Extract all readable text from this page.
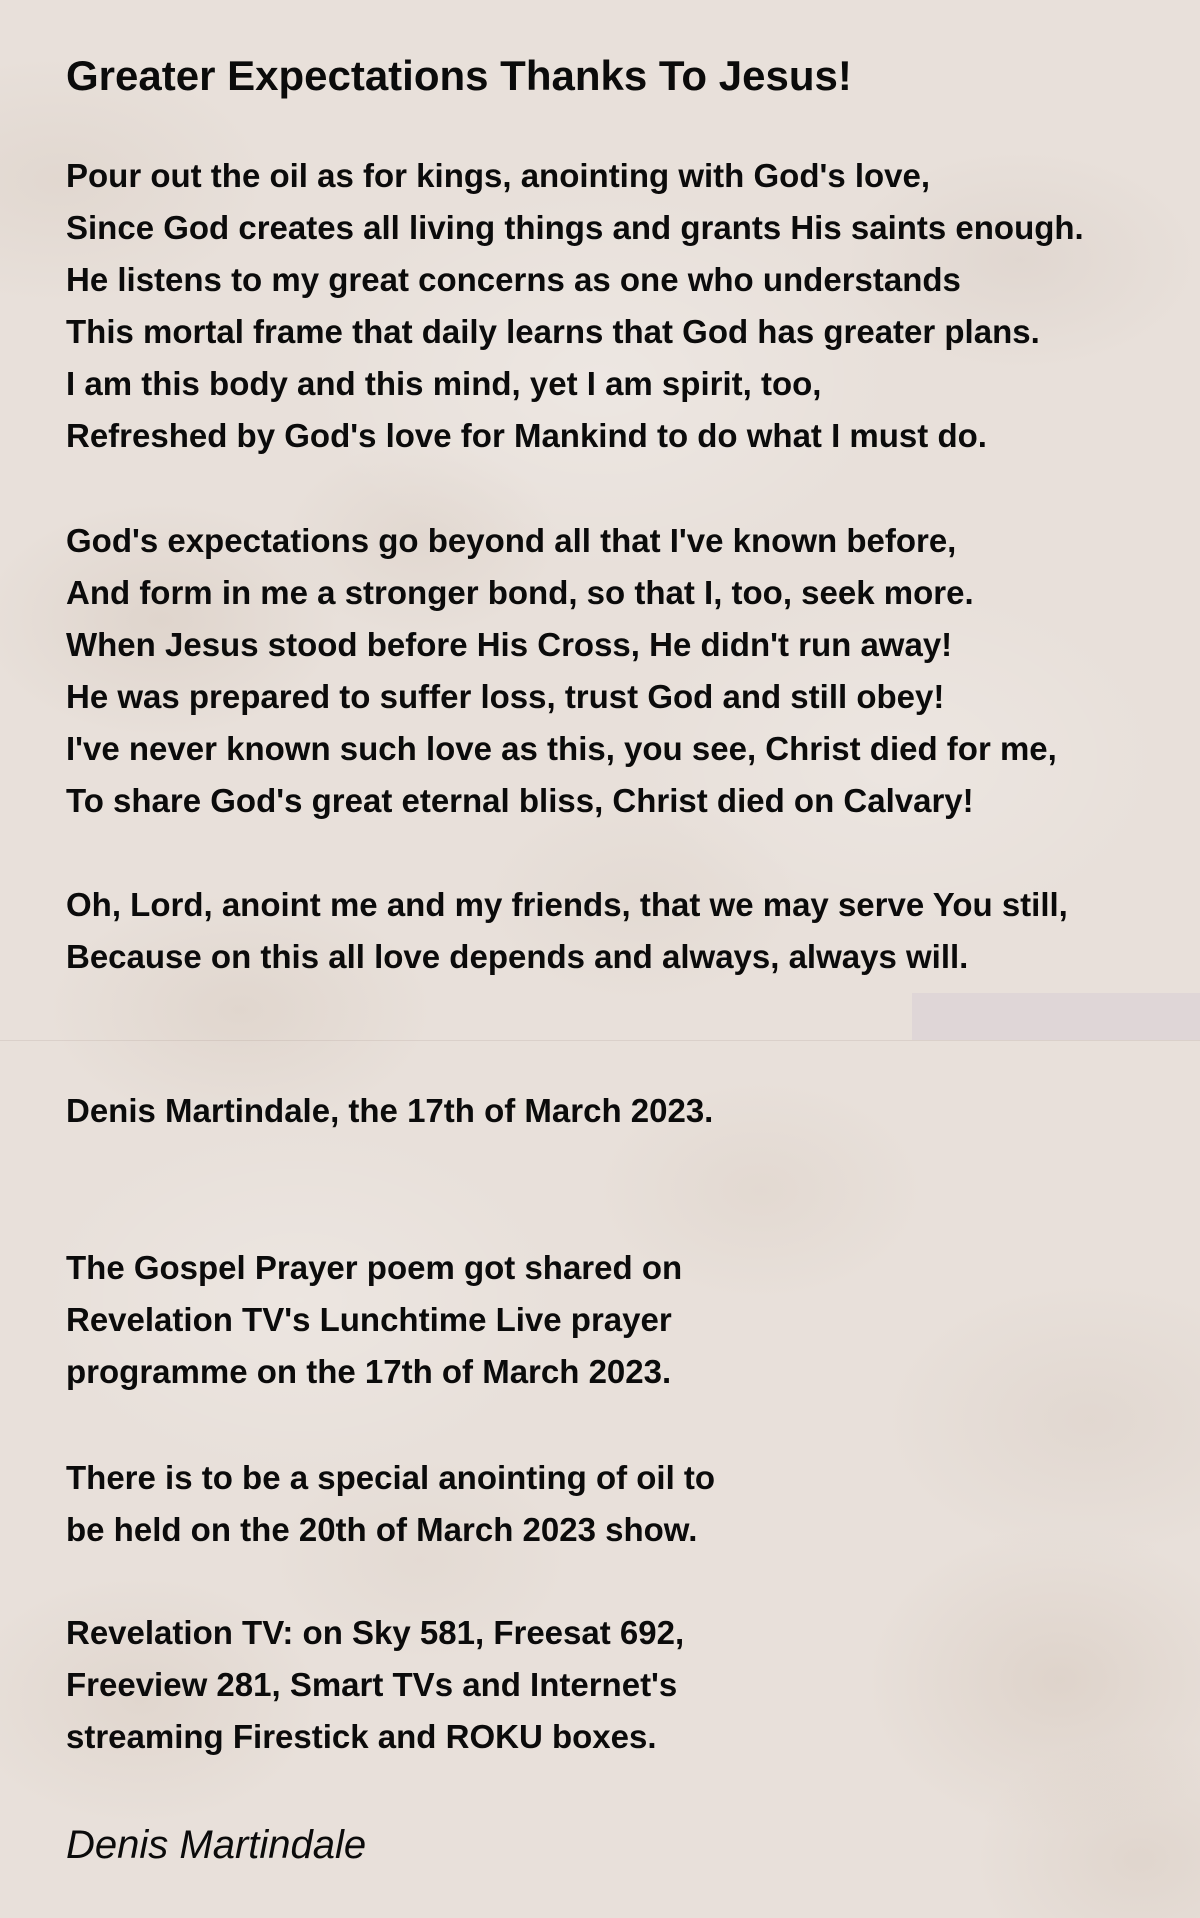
Greater Expectations Thanks To Jesus!
Pour out the oil as for kings, anointing with God's love,
Since God creates all living things and grants His saints enough.
He listens to my great concerns as one who understands
This mortal frame that daily learns that God has greater plans.
I am this body and this mind, yet I am spirit, too,
Refreshed by God's love for Mankind to do what I must do.
God's expectations go beyond all that I've known before,
And form in me a stronger bond, so that I, too, seek more.
When Jesus stood before His Cross, He didn't run away!
He was prepared to suffer loss, trust God and still obey!
I've never known such love as this, you see, Christ died for me,
To share God's great eternal bliss, Christ died on Calvary!
Oh, Lord, anoint me and my friends, that we may serve You still,
Because on this all love depends and always, always will.
Denis Martindale, the 17th of March 2023.
The Gospel Prayer poem got shared on
Revelation TV's Lunchtime Live prayer
programme on the 17th of March 2023.
There is to be a special anointing of oil to
be held on the 20th of March 2023 show.
Revelation TV: on Sky 581, Freesat 692,
Freeview 281, Smart TVs and Internet's
streaming Firestick and ROKU boxes.
Denis Martindale
